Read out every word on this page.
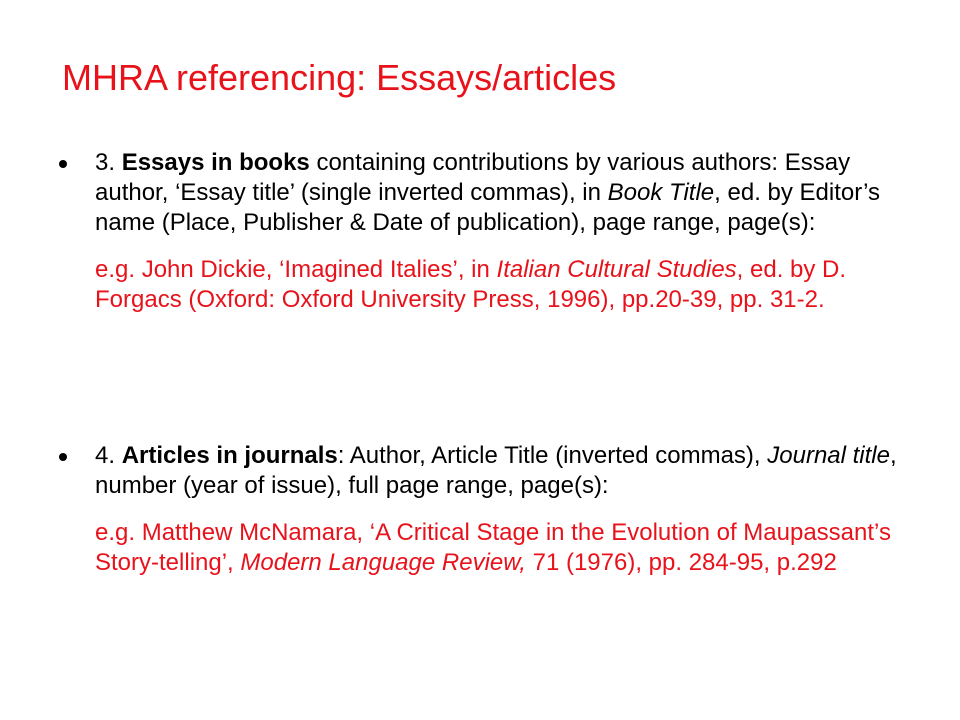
MHRA referencing: Essays/articles

3. Essays in books containing contributions by various authors: Essay author, ‘Essay title’ (single inverted commas), in Book Title, ed. by Editor’s name (Place, Publisher & Date of publication), page range, page(s):

e.g. John Dickie, ‘Imagined Italies’, in Italian Cultural Studies, ed. by D. Forgacs (Oxford: Oxford University Press, 1996), pp.20-39, pp. 31-2.

4. Articles in journals: Author, Article Title (inverted commas), Journal title, number (year of issue), full page range, page(s):

e.g. Matthew McNamara, ‘A Critical Stage in the Evolution of Maupassant’s Story-telling’, Modern Language Review, 71 (1976), pp. 284-95, p.292
